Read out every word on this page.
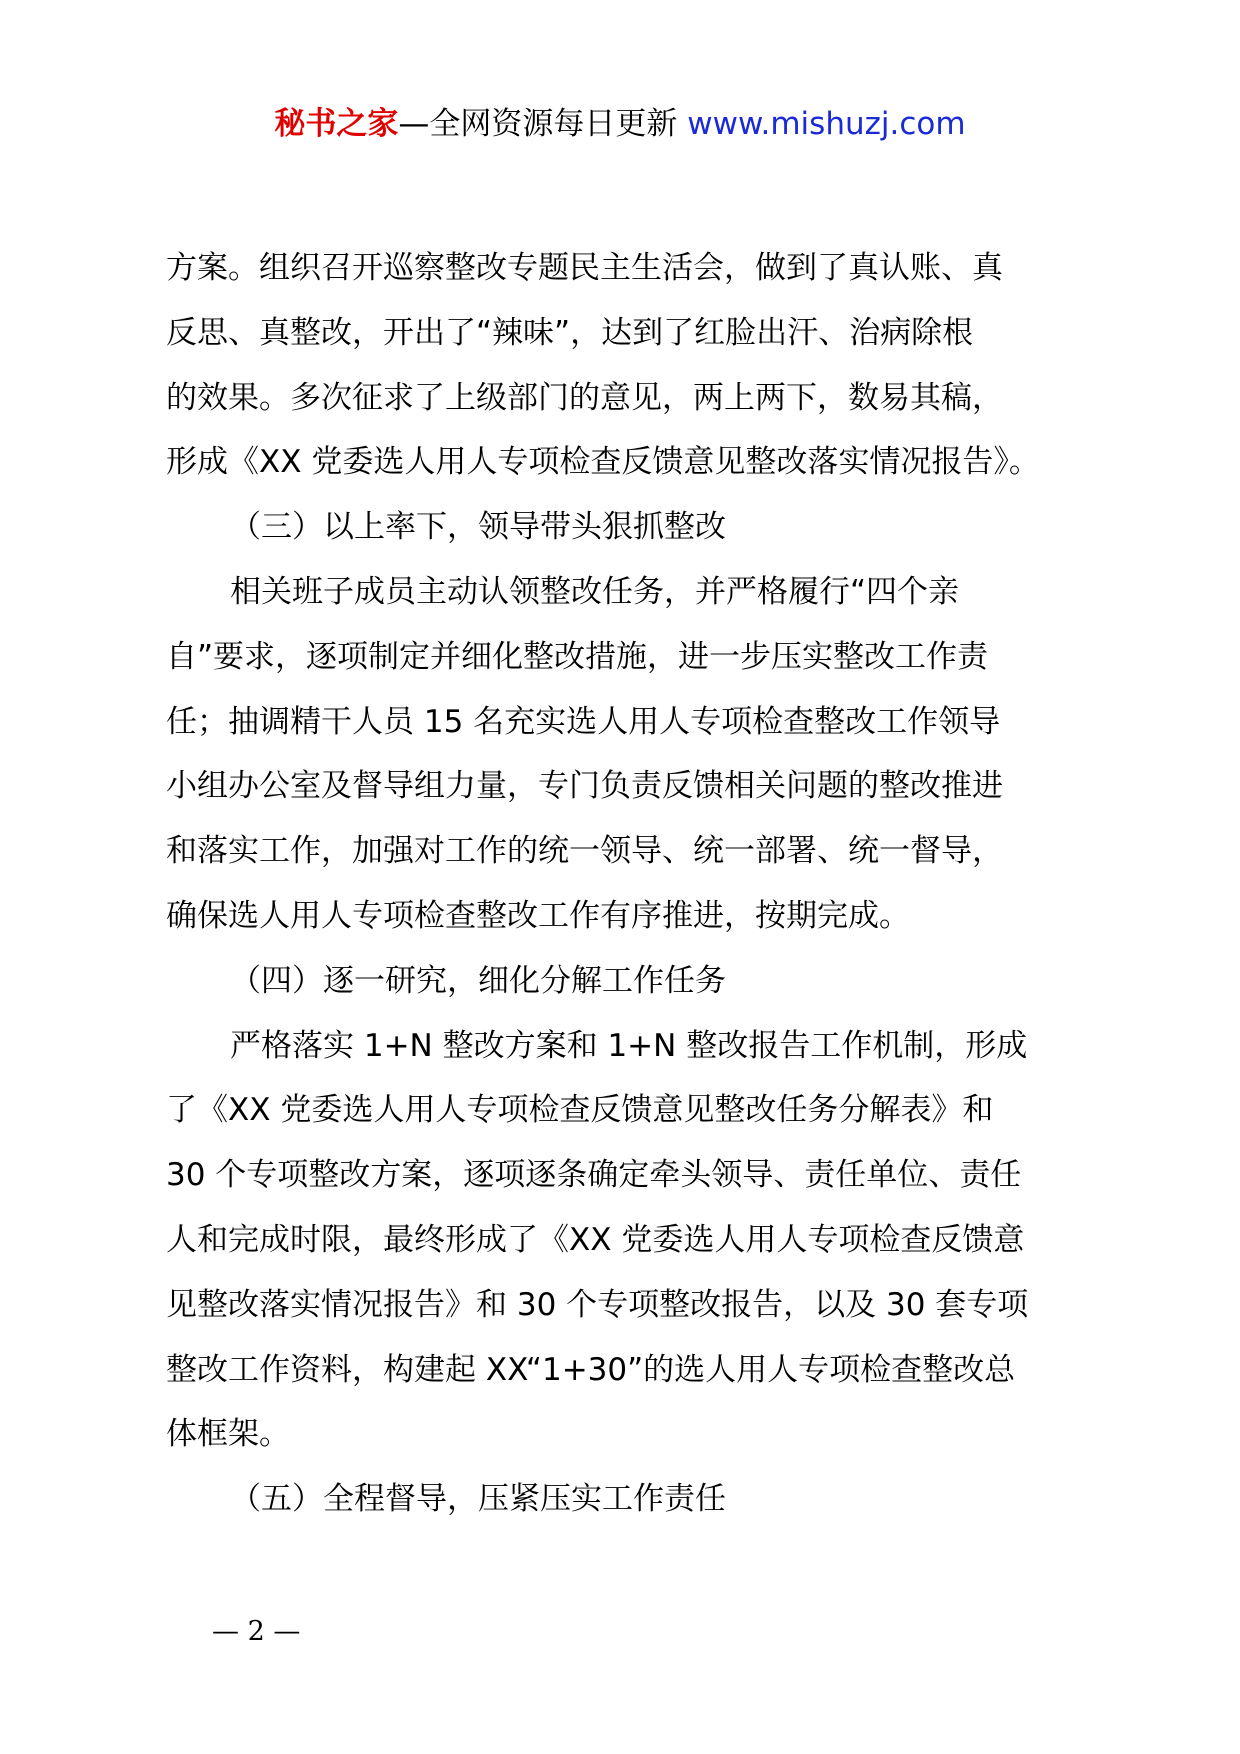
秘书之家—全网资源每日更新 www.mishuzj.com
方案。组织召开巡察整改专题民主生活会，做到了真认账、真
反思、真整改，开出了“辣味”，达到了红脸出汗、治病除根
的效果。多次征求了上级部门的意见，两上两下，数易其稿，
形成《XX 党委选人用人专项检查反馈意见整改落实情况报告》。
（三）以上率下，领导带头狠抓整改
相关班子成员主动认领整改任务，并严格履行“四个亲
自”要求，逐项制定并细化整改措施，进一步压实整改工作责
任；抽调精干人员 15 名充实选人用人专项检查整改工作领导
小组办公室及督导组力量，专门负责反馈相关问题的整改推进
和落实工作，加强对工作的统一领导、统一部署、统一督导，
确保选人用人专项检查整改工作有序推进，按期完成。
（四）逐一研究，细化分解工作任务
严格落实 1+N 整改方案和 1+N 整改报告工作机制，形成
了《XX 党委选人用人专项检查反馈意见整改任务分解表》和
30 个专项整改方案，逐项逐条确定牵头领导、责任单位、责任
人和完成时限，最终形成了《XX 党委选人用人专项检查反馈意
见整改落实情况报告》和 30 个专项整改报告，以及 30 套专项
整改工作资料，构建起 XX“1+30”的选人用人专项检查整改总
体框架。
（五）全程督导，压紧压实工作责任
— 2 —
